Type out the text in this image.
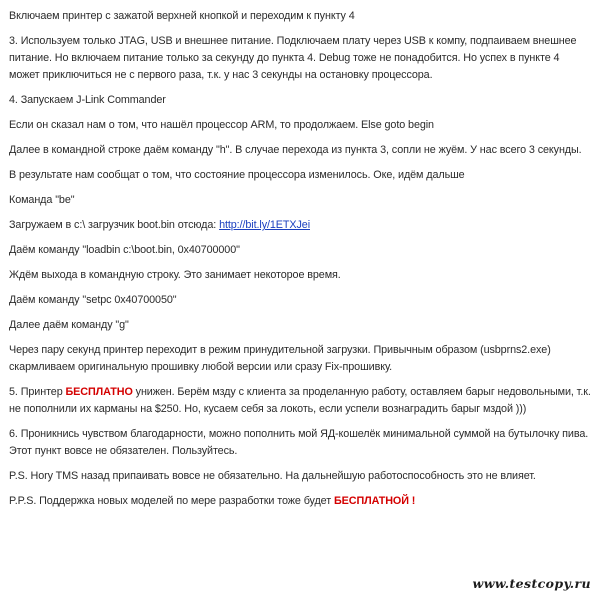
Включаем принтер с зажатой верхней кнопкой и переходим к пункту 4
3. Используем только JTAG, USB и внешнее питание. Подключаем плату через USB к компу, подпаиваем внешнее питание. Но включаем питание только за секунду до пункта 4. Debug тоже не понадобится. Но успех в пункте 4 может приключиться не с первого раза, т.к. у нас 3 секунды на остановку процессора.
4. Запускаем J-Link Commander
Если он сказал нам о том, что нашёл процессор ARM, то продолжаем. Else goto begin
Далее в командной строке даём команду "h". В случае перехода из пункта 3, сопли не жуём. У нас всего 3 секунды.
В результате нам сообщат о том, что состояние процессора изменилось. Оке, идём дальше
Команда "be"
Загружаем в c:\ загрузчик boot.bin отсюда: http://bit.ly/1ETXJei
Даём команду "loadbin c:\boot.bin, 0x40700000"
Ждём выхода в командную строку. Это занимает некоторое время.
Даём команду "setpc 0x40700050"
Далее даём команду "g"
Через пару секунд принтер переходит в режим принудительной загрузки. Привычным образом (usbprns2.exe) скармливаем оригинальную прошивку любой версии или сразу Fix-прошивку.
5. Принтер БЕСПЛАТНО унижен. Берём мзду с клиента за проделанную работу, оставляем барыг недовольными, т.к. не пополнили их карманы на $250. Но, кусаем себя за локоть, если успели вознаградить барыг мздой )))
6. Проникнись чувством благодарности, можно пополнить мой ЯД-кошелёк минимальной суммой на бутылочку пива. Этот пункт вовсе не обязателен. Пользуйтесь.
P.S. Hory TMS назад припаивать вовсе не обязательно. На дальнейшую работоспособность это не влияет.
P.P.S. Поддержка новых моделей по мере разработки тоже будет БЕСПЛАТНОЙ !
www.testcopy.ru
